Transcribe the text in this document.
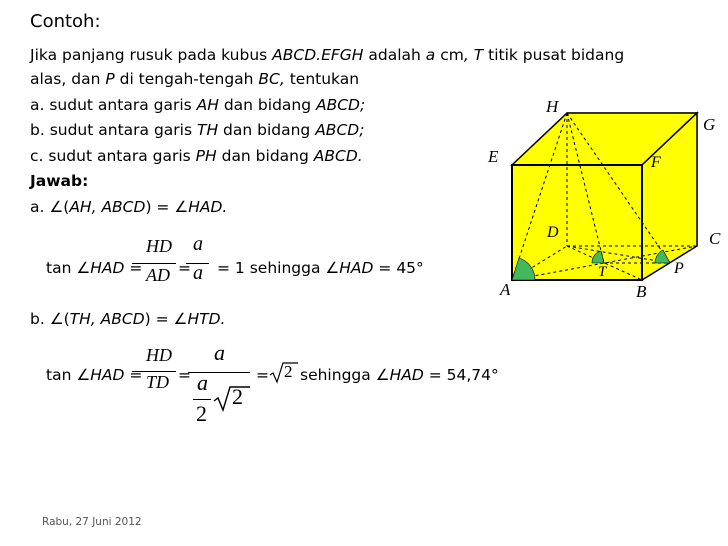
Contoh:
Jika panjang rusuk pada kubus ABCD.EFGH adalah a cm, T titik pusat bidang
alas, dan P di tengah-tengah BC, tentukan
a. sudut antara garis AH dan bidang ABCD;
b. sudut antara garis TH dan bidang ABCD;
c. sudut antara garis PH dan bidang ABCD.
Jawab:
a. ∠(AH, ABCD) = ∠HAD.
tan ∠HAD =
HD
AD =
a
a = 1 sehingga ∠HAD = 45°
b. ∠(TH, ABCD) = ∠HTD.
tan ∠HAD =
HD
TD =
a
a
2
2
= 2 sehingga ∠HAD = 54,74°
H
G
E	F
D	C
T	P
A	B
Rabu, 27 Juni 2012
